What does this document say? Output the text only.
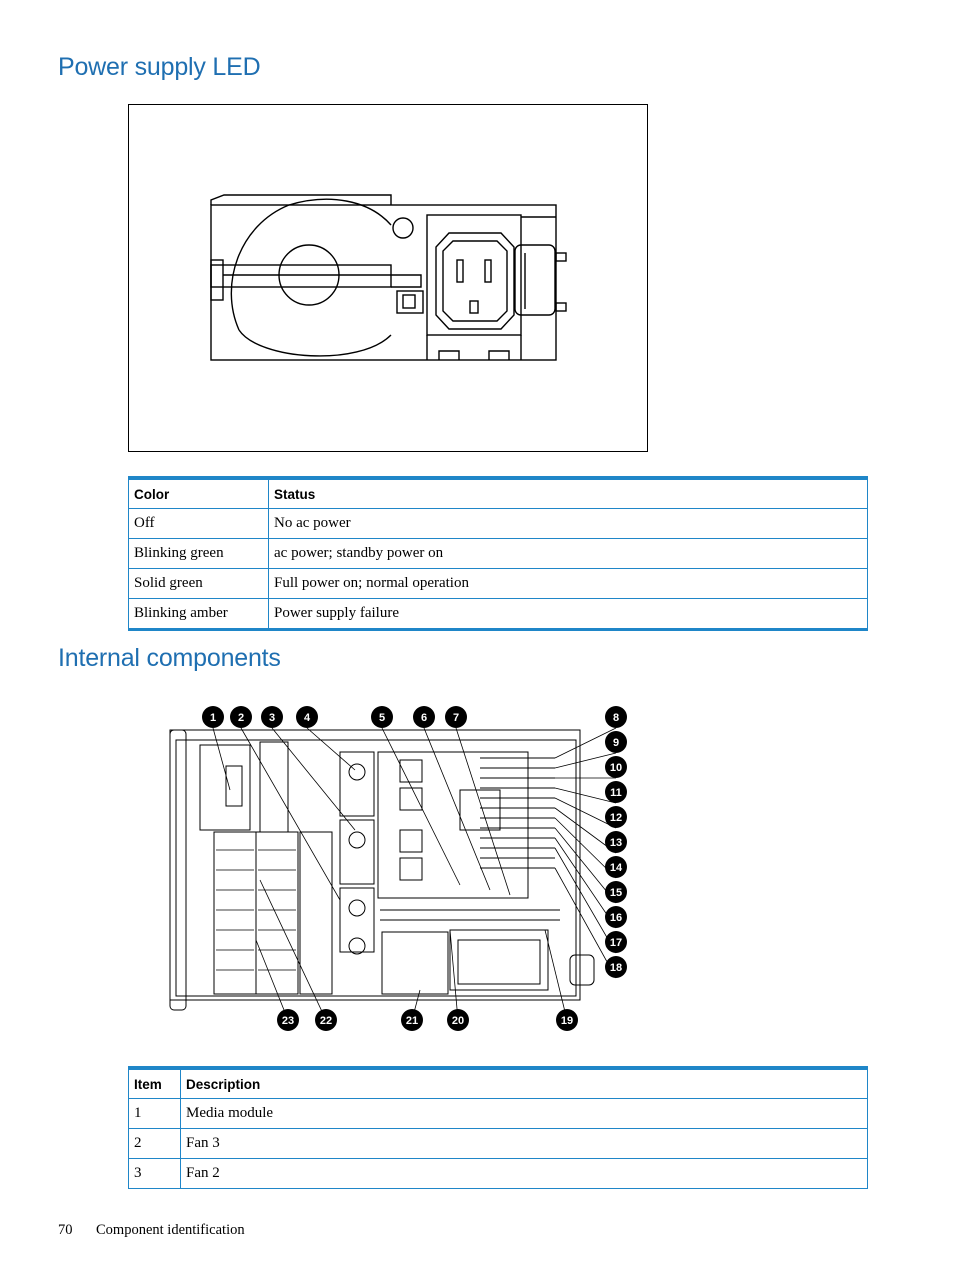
Power supply LED
Color	Status
Off	No ac power
Blinking green	ac power; standby power on
Solid green	Full power on; normal operation
Blinking amber	Power supply failure
Internal components
1 2 3	4	5	6 7	8
9
10
11
12
13
14
15
16
17
18
19
20
21
22
23
Item	Description
1	Media module
2	Fan 3
3	Fan 2
70 Component identification
